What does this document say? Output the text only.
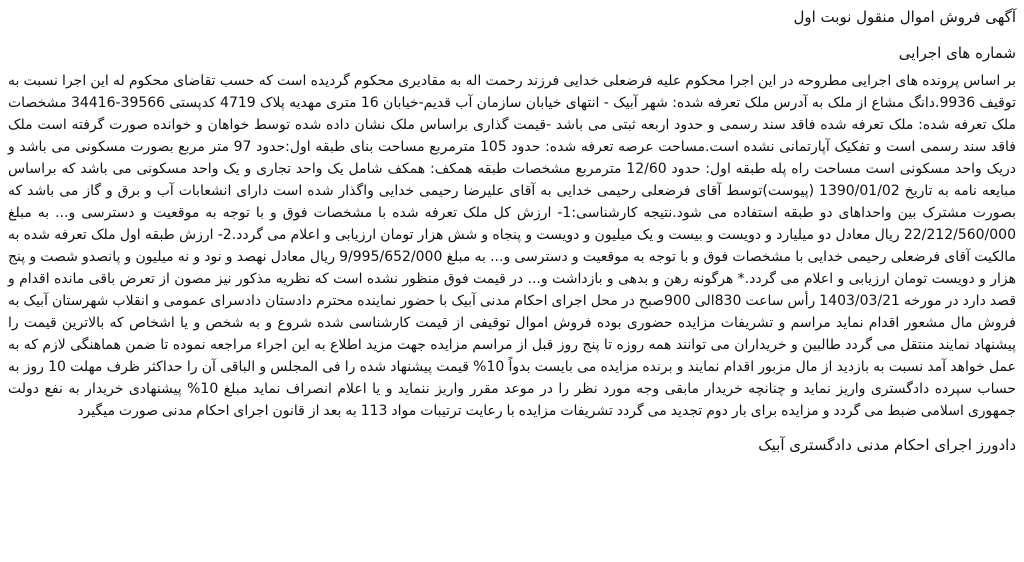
آگهی فروش اموال منقول نوبت اول
شماره های اجرایی

بر اساس پرونده های اجرایی مطروحه در این اجرا محکوم علیه فرضعلی خدایی فرزند رحمت اله به مقادیری محکوم گردیده است که حسب تقاضای محکوم له این اجرا نسبت به توقیف 9936.دانگ مشاع از ملک به آدرس ملک تعرفه شده: شهر آبیک - انتهای خیابان سازمان آب قدیم-خیابان 16 متری مهدیه پلاک 4719 کدپستی 39566-34416 مشخصات ملک تعرفه شده: ملک تعرفه شده فاقد سند رسمی و حدود اربعه ثبتی می باشد -قیمت گذاری براساس ملک نشان داده شده توسط خواهان و خوانده صورت گرفته است ملک فاقد سند رسمی است و تفکیک آپارتمانی نشده است.مساحت عرصه تعرفه شده: حدود 105 مترمربع مساحت بنای طبقه اول:حدود 97 متر مربع بصورت مسکونی می باشد و دریک واحد مسکونی است مساحت راه پله طبقه اول: حدود 12/60 مترمربع مشخصات طبقه همکف: همکف شامل یک واحد تجاری و یک واحد مسکونی می باشد که براساس مبایعه نامه به تاریخ 1390/01/02 (پیوست)توسط آقای فرضعلی رحیمی خدایی به آقای علیرضا رحیمی خدایی واگذار شده است دارای انشعابات آب و برق و گاز می باشد که بصورت مشترک بین واحداهای دو طبقه استفاده می شود.نتیجه کارشناسی:1- ارزش کل ملک تعرفه شده با مشخصات فوق و با توجه به موقعیت و دسترسی و... به مبلغ 22/212/560/000 ریال معادل دو میلیارد و دویست و بیست و یک میلیون و دویست و پنجاه و شش هزار تومان ارزیابی و اعلام می گردد.2- ارزش طبقه اول ملک تعرفه شده به مالکیت آقای فرضعلی رحیمی خدایی با مشخصات فوق و با توجه به موقعیت و دسترسی و... به مبلغ 9/995/652/000 ریال معادل نهصد و نود و نه میلیون و پانصدو شصت و پنج هزار و دویست تومان ارزیابی و اعلام می گردد.* هرگونه رهن و بدهی و بازداشت و... در قیمت فوق منظور نشده است که نظریه مذکور نیز مصون از تعرض باقی مانده اقدام و قصد دارد در مورخه 1403/03/21 رأس ساعت 830الی 900صبح در محل اجرای احکام مدنی آبیک با حضور نماینده محترم دادستان دادسرای عمومی و انقلاب شهرستان آبیک به فروش مال مشعور اقدام نماید مراسم و تشریفات مزایده حضوری بوده فروش اموال توقیفی از قیمت کارشناسی شده شروع و به شخص و یا اشخاص که بالاترین قیمت را پیشنهاد نمایند منتقل می گردد طالبین و خریداران می توانند همه روزه تا پنج روز قبل از مراسم مزایده جهت مزید اطلاع به این اجراء مراجعه نموده تا ضمن هماهنگی لازم که به عمل خواهد آمد نسبت به بازدید از مال مزبور اقدام نمایند و برنده مزایده می بایست بدواً 10% قیمت پیشنهاد شده را فی المجلس و الباقی آن را حداکثر ظرف مهلت 10 روز به حساب سپرده دادگستری واریز نماید و چنانچه خریدار مابقی وجه مورد نظر را در موعد مقرر واریز ننماید و یا اعلام انصراف نماید مبلغ 10% پیشنهادی خریدار به نفع دولت جمهوری اسلامی ضبط می گردد و مزایده برای بار دوم تجدید می گردد تشریفات مزایده با رعایت ترتیبات مواد 113 به بعد از قانون اجرای احکام مدنی صورت میگیرد

دادورز اجرای احکام مدنی دادگستری آبیک
